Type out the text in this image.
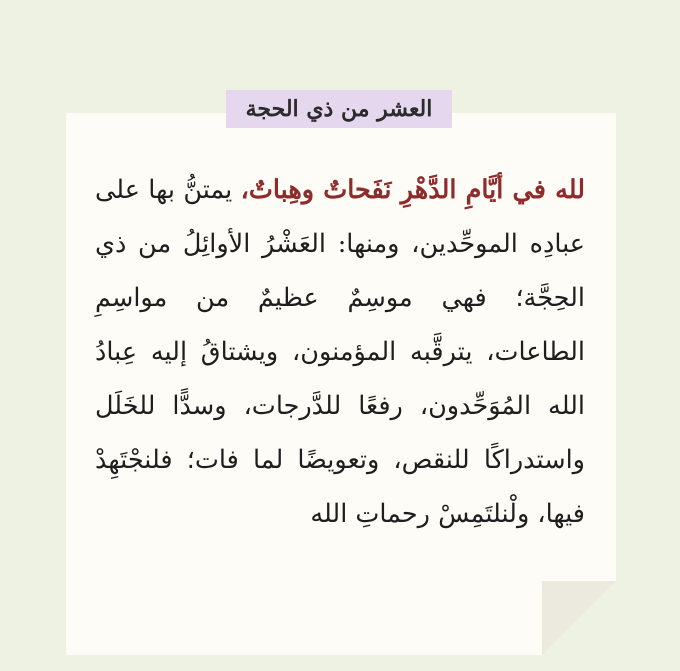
العشر من ذي الحجة
لله في أيَّامِ الدَّهْرِ نَفَحاتٌ وهِباتٌ، يمتنُّ بها على عبادِه الموحِّدين، ومنها: العَشْرُ الأوائِلُ من ذي الحِجَّة؛ فهي موسِمٌ عظيمٌ من مواسِمِ الطاعات، يترقَّبه المؤمنون، ويشتاقُ إليه عِبادُ الله المُوَحِّدون، رفعًا للدَّرجات، وسدًّا للخَلَل واستدراكًا للنقص، وتعويضًا لما فات؛ فلنجْتَهِدْ فيها، ولْنلتَمِسْ رحماتِ الله
